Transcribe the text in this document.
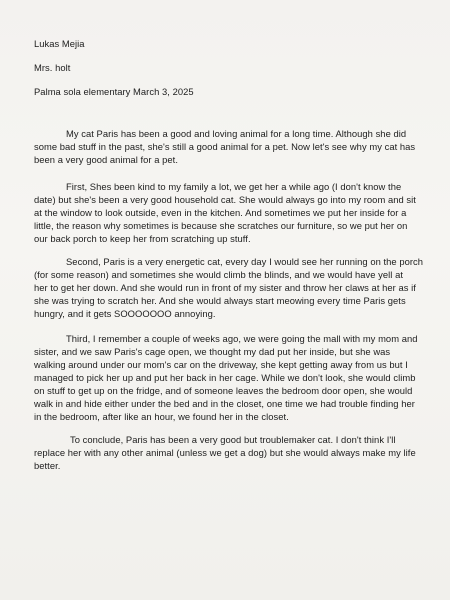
Lukas Mejia
Mrs. holt
Palma sola elementary March 3, 2025
My cat Paris has been a good and loving animal for a long time. Although she did
some bad stuff in the past, she's still a good animal for a pet. Now let's see why my cat has
been a very good animal for a pet.
First, Shes been kind to my family a lot, we get her a while ago (I don't know the
date) but she's been a very good household cat. She would always go into my room and sit
at the window to look outside, even in the kitchen. And sometimes we put her inside for a
little, the reason why sometimes is because she scratches our furniture, so we put her on
our back porch to keep her from scratching up stuff.
Second, Paris is a very energetic cat, every day I would see her running on the porch
(for some reason) and sometimes she would climb the blinds, and we would have yell at
her to get her down. And she would run in front of my sister and throw her claws at her as if
she was trying to scratch her. And she would always start meowing every time Paris gets
hungry, and it gets SOOOOOOO annoying.
Third, I remember a couple of weeks ago, we were going the mall with my mom and
sister, and we saw Paris's cage open, we thought my dad put her inside, but she was
walking around under our mom's car on the driveway, she kept getting away from us but I
managed to pick her up and put her back in her cage. While we don't look, she would climb
on stuff to get up on the fridge, and of someone leaves the bedroom door open, she would
walk in and hide either under the bed and in the closet, one time we had trouble finding her
in the bedroom, after like an hour, we found her in the closet.
To conclude, Paris has been a very good but troublemaker cat. I don't think I'll
replace her with any other animal (unless we get a dog) but she would always make my life
better.
